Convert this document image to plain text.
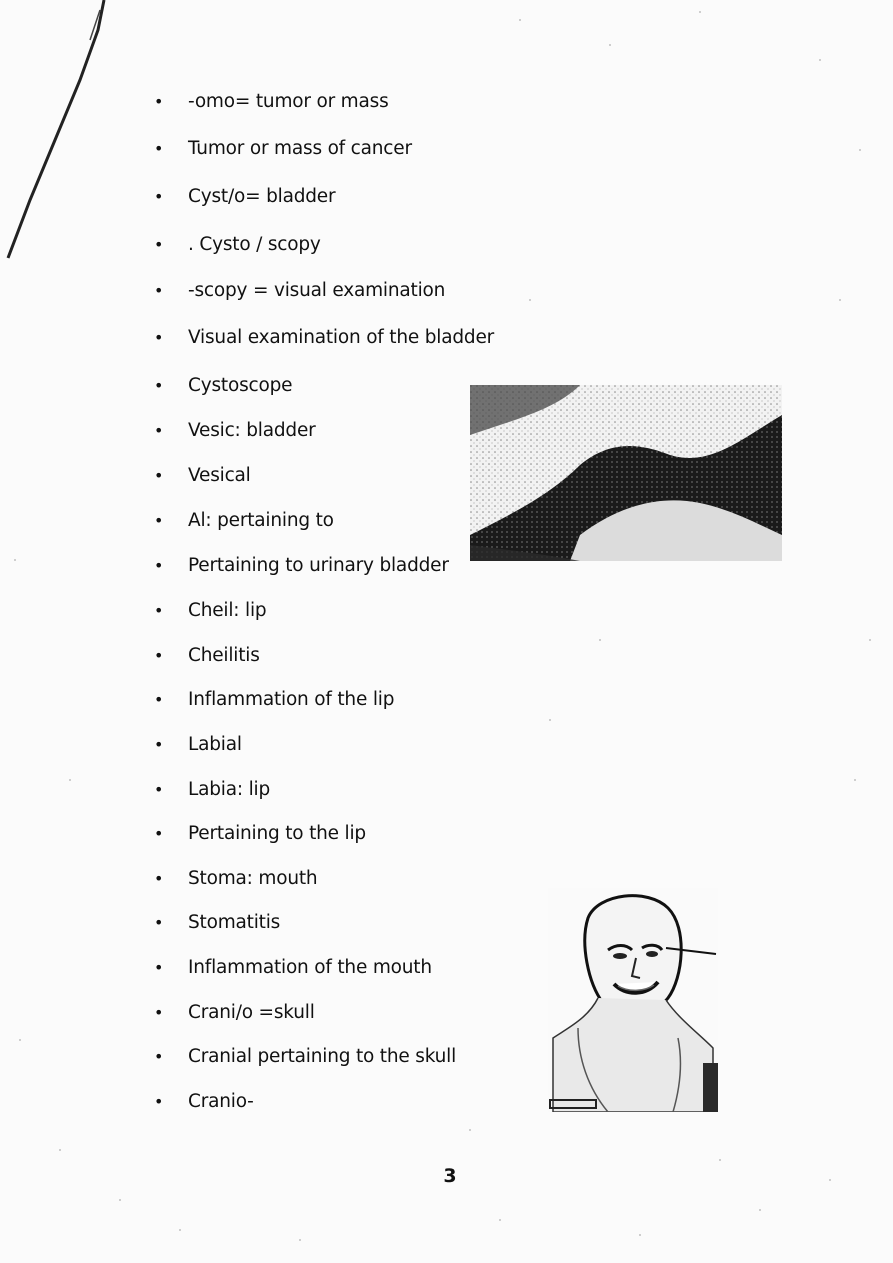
• -omo= tumor or mass
• Tumor or mass of cancer
• Cyst/o= bladder
• . Cysto / scopy
• -scopy = visual examination
• Visual examination of the bladder
• Cystoscope
• Vesic: bladder
• Vesical
• Al: pertaining to
• Pertaining to urinary bladder
• Cheil: lip
• Cheilitis
• Inflammation of the lip
• Labial
• Labia: lip
• Pertaining to the lip
• Stoma: mouth
• Stomatitis
• Inflammation of the mouth
• Crani/o =skull
• Cranial pertaining to the skull
• Cranio-
3
